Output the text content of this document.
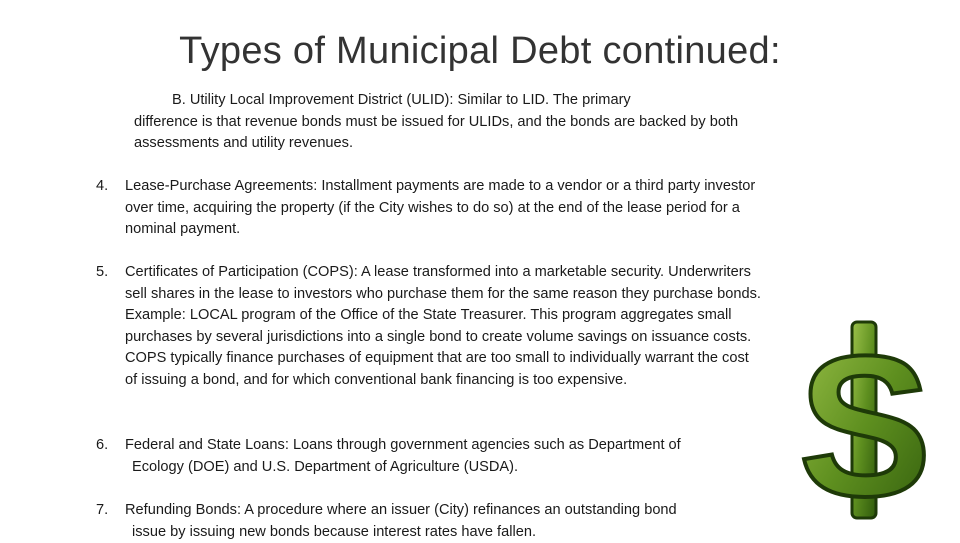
Types of Municipal Debt continued:
B. Utility Local Improvement District (ULID): Similar to LID. The primary
difference is that revenue bonds must be issued for ULIDs, and the bonds are backed by both assessments and utility revenues.
4.	Lease-Purchase Agreements: Installment payments are made to a vendor or a third party investor over time, acquiring the property (if the City wishes to do so) at the end of the lease period for a nominal payment.
5.	Certificates of Participation (COPS): A lease transformed into a marketable security. Underwriters sell shares in the lease to investors who purchase them for the same reason they purchase bonds. Example: LOCAL program of the Office of the State Treasurer. This program aggregates small purchases by several jurisdictions into a single bond to create volume savings on issuance costs. COPS typically finance purchases of equipment that are too small to individually warrant the cost of issuing a bond, and for which conventional bank financing is too expensive.
6.	Federal and State Loans: Loans through government agencies such as Department of
Ecology (DOE) and U.S. Department of Agriculture (USDA).
7.	Refunding Bonds: A procedure where an issuer (City) refinances an outstanding bond
issue by issuing new bonds because interest rates have fallen.	S
